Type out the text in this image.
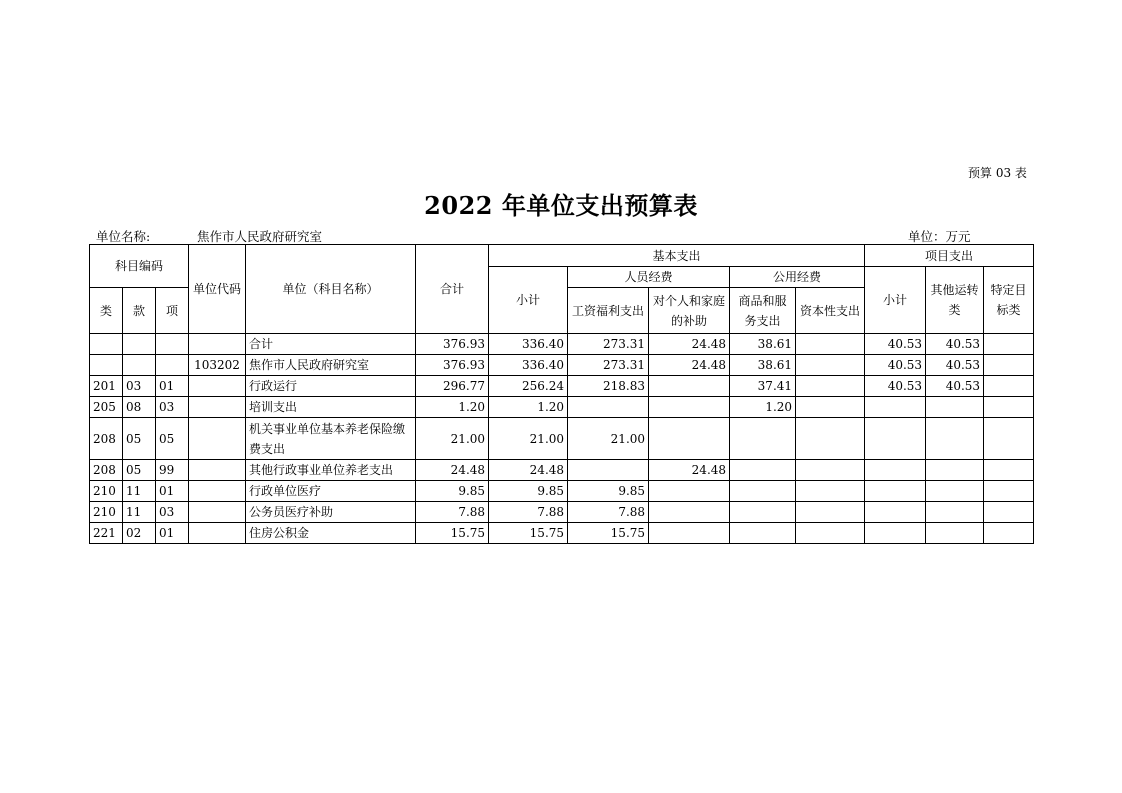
预算 03 表
2022 年单位支出预算表
单位名称:	焦作市人民政府研究室	单位：万元
科目编码			单位代码	单位（科目名称）	合计	基本支出					项目支出		
						小计	人员经费		公用经费		小计	其他运转类	特定目标类
类	款	项					工资福利支出	对个人和家庭的补助	商品和服务支出	资本性支出			
				合计	376.93	336.40	273.31	24.48	38.61		40.53	40.53	
			103202	焦作市人民政府研究室	376.93	336.40	273.31	24.48	38.61		40.53	40.53	
201	03	01		行政运行	296.77	256.24	218.83		37.41		40.53	40.53	
205	08	03		培训支出	1.20	1.20			1.20				
208	05	05		机关事业单位基本养老保险缴费支出	21.00	21.00	21.00						
208	05	99		其他行政事业单位养老支出	24.48	24.48		24.48					
210	11	01		行政单位医疗	9.85	9.85	9.85						
210	11	03		公务员医疗补助	7.88	7.88	7.88						
221	02	01		住房公积金	15.75	15.75	15.75						
